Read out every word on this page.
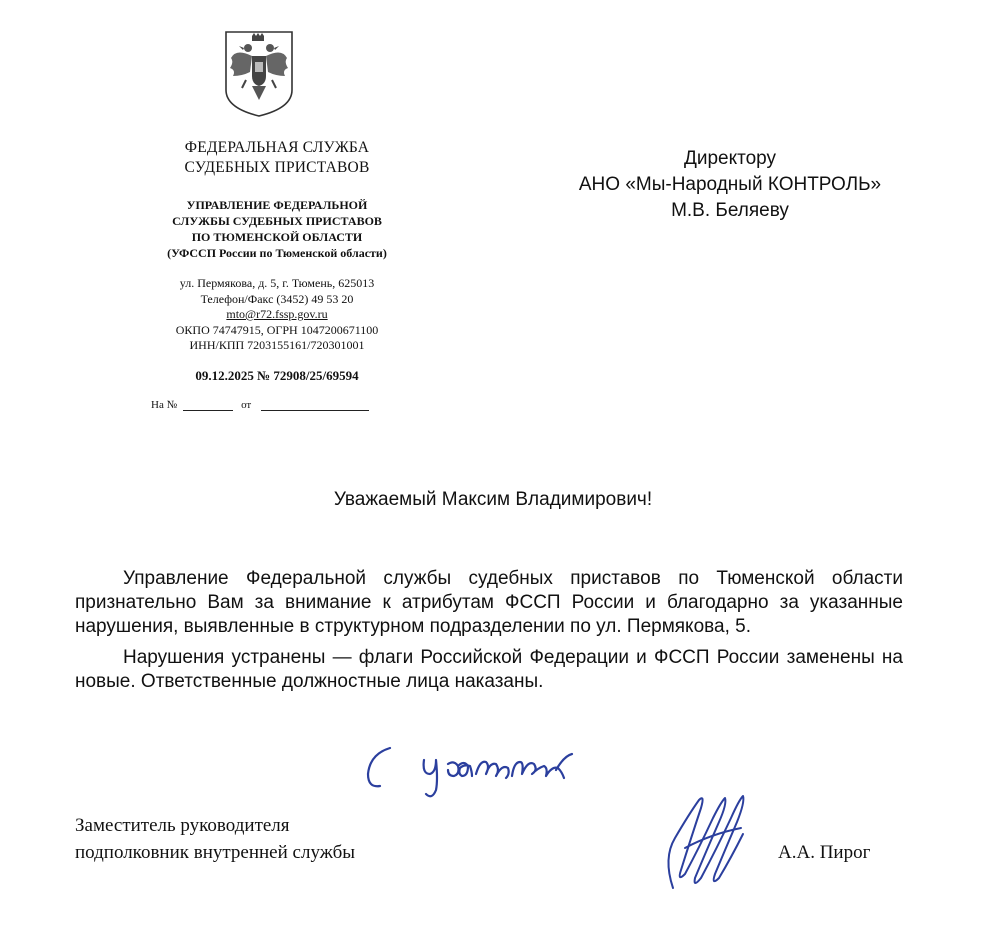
ФЕДЕРАЛЬНАЯ СЛУЖБА
СУДЕБНЫХ ПРИСТАВОВ
УПРАВЛЕНИЕ ФЕДЕРАЛЬНОЙ
СЛУЖБЫ СУДЕБНЫХ ПРИСТАВОВ
ПО ТЮМЕНСКОЙ ОБЛАСТИ
(УФССП России по Тюменской области)
ул. Пермякова, д. 5, г. Тюмень, 625013
Телефон/Факс (3452) 49 53 20
mto@r72.fssp.gov.ru
ОКПО 74747915, ОГРН 1047200671100
ИНН/КПП 7203155161/720301001
09.12.2025 № 72908/25/69594
На №	от
Директору
АНО «Мы-Народный КОНТРОЛЬ»
М.В. Беляеву
Уважаемый Максим Владимирович!

Управление Федеральной службы судебных приставов по Тюменской области признательно Вам за внимание к атрибутам ФССП России и благодарно за указанные нарушения, выявленные в структурном подразделении по ул. Пермякова, 5.

Нарушения устранены — флаги Российской Федерации и ФССП России заменены на новые. Ответственные должностные лица наказаны.

Заместитель руководителя
подполковник внутренней службы	А.А. Пирог
